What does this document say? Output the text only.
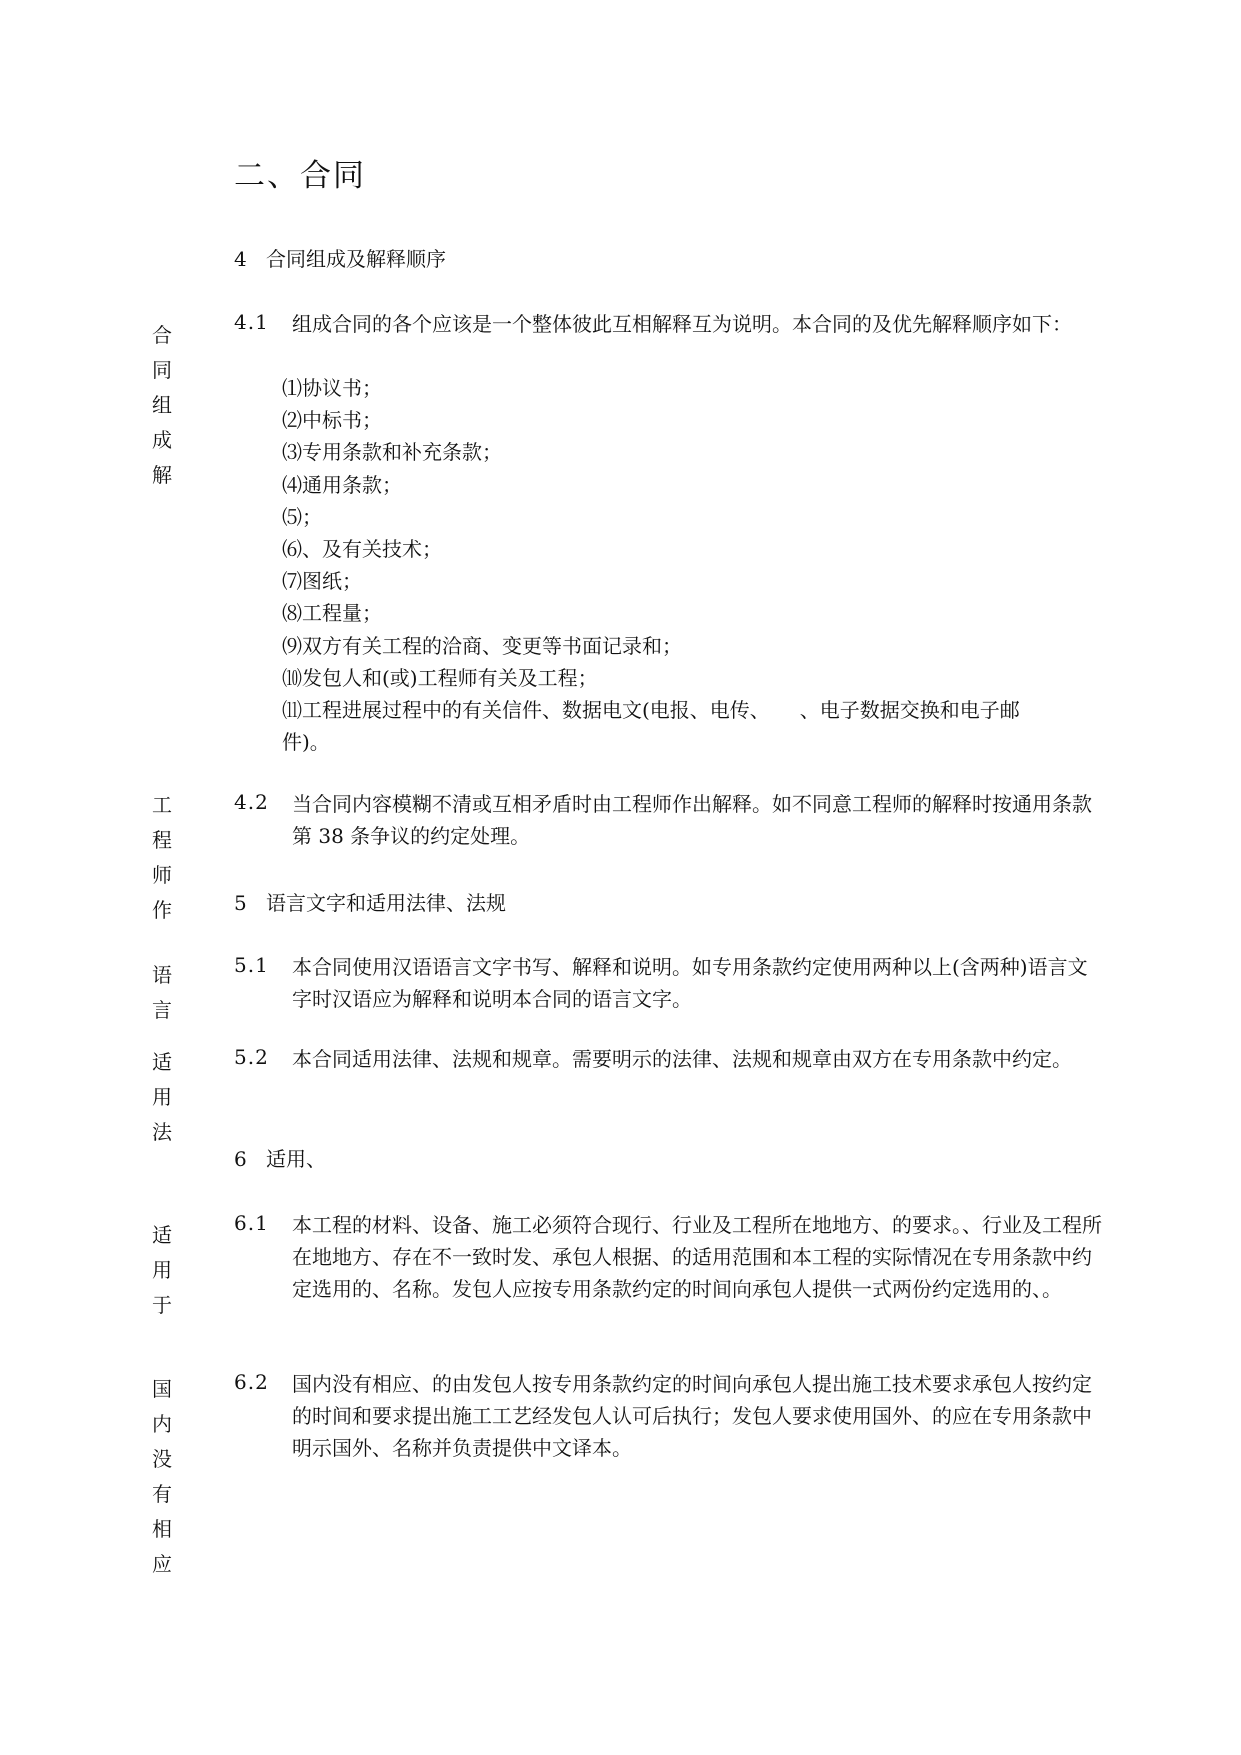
二、合同
4 合同组成及解释顺序
合同组成解
4.1 组成合同的各个应该是一个整体彼此互相解释互为说明。本合同的及优先解释顺序如下：
⑴协议书；
⑵中标书；
⑶专用条款和补充条款；
⑷通用条款；
⑸；
⑹、及有关技术；
⑺图纸；
⑻工程量；
⑼双方有关工程的洽商、变更等书面记录和；
⑽发包人和(或)工程师有关及工程；
⑾工程进展过程中的有关信件、数据电文(电报、电传、　　、电子数据交换和电子邮
件)。
工程师作
4.2 当合同内容模糊不清或互相矛盾时由工程师作出解释。如不同意工程师的解释时按通用条款第 38 条争议的约定处理。
5 语言文字和适用法律、法规
语言
5.1 本合同使用汉语语言文字书写、解释和说明。如专用条款约定使用两种以上(含两种)语言文字时汉语应为解释和说明本合同的语言文字。
适用法
5.2 本合同适用法律、法规和规章。需要明示的法律、法规和规章由双方在专用条款中约定。
6 适用、
适用于
6.1 本工程的材料、设备、施工必须符合现行、行业及工程所在地地方、的要求。、行业及工程所在地地方、存在不一致时发、承包人根据、的适用范围和本工程的实际情况在专用条款中约定选用的、名称。发包人应按专用条款约定的时间向承包人提供一式两份约定选用的、。
国内没有相应
6.2 国内没有相应、的由发包人按专用条款约定的时间向承包人提出施工技术要求承包人按约定的时间和要求提出施工工艺经发包人认可后执行；发包人要求使用国外、的应在专用条款中明示国外、名称并负责提供中文译本。
